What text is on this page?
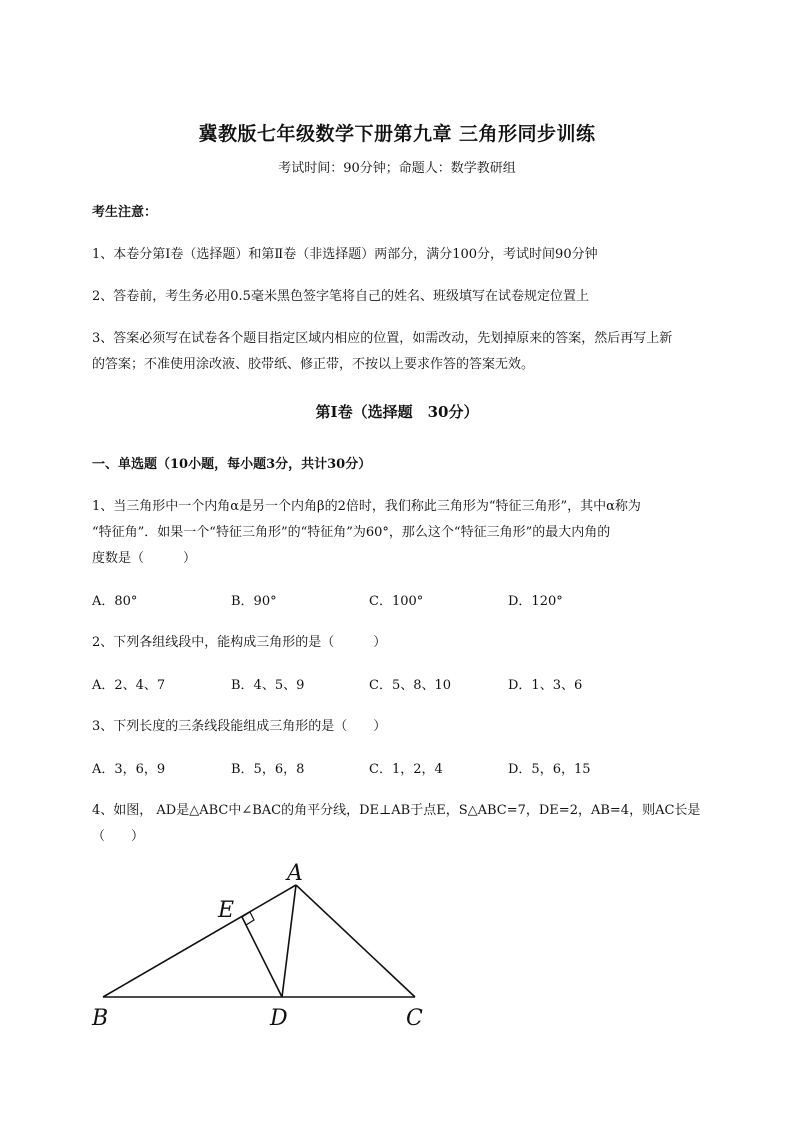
冀教版七年级数学下册第九章 三角形同步训练
考试时间：90分钟；命题人：数学教研组
考生注意：
1、本卷分第Ⅰ卷（选择题）和第Ⅱ卷（非选择题）两部分，满分100分，考试时间90分钟
2、答卷前，考生务必用0.5毫米黑色签字笔将自己的姓名、班级填写在试卷规定位置上
3、答案必须写在试卷各个题目指定区域内相应的位置，如需改动，先划掉原来的答案，然后再写上新
的答案；不准使用涂改液、胶带纸、修正带，不按以上要求作答的答案无效。
第Ⅰ卷（选择题　30分）
一、单选题（10小题，每小题3分，共计30分）
1、当三角形中一个内角α是另一个内角β的2倍时，我们称此三角形为“特征三角形”，其中α称为
“特征角”．如果一个“特征三角形”的“特征角”为60°，那么这个“特征三角形”的最大内角的
度数是（　　　）
A．80°	B．90°	C．100°	D．120°
2、下列各组线段中，能构成三角形的是（　　　）
A．2、4、7	B．4、5、9	C．5、8、10	D．1、3、6
3、下列长度的三条线段能组成三角形的是（　　）
A．3，6，9	B．5，6，8	C．1，2，4	D．5，6，15
4、如图， AD是△ABC中∠BAC的角平分线，DE⊥AB于点E，S△ABC=7，DE=2，AB=4，则AC长是
（　　）
A
E
B	D	C
